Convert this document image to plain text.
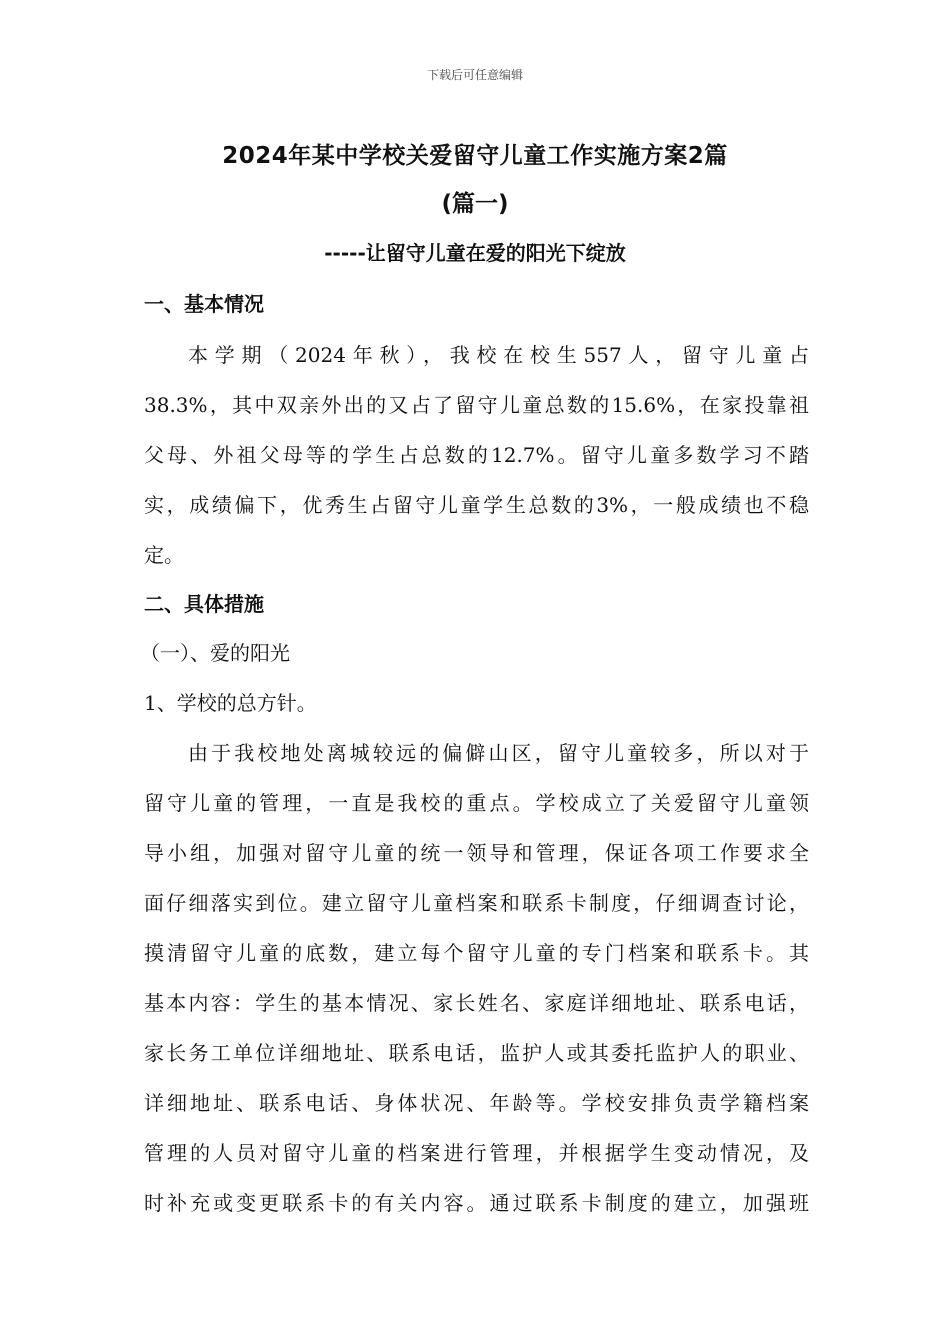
下载后可任意编辑
2024年某中学校关爱留守儿童工作实施方案2篇
(篇一)
-----让留守儿童在爱的阳光下绽放
一、基本情况
本学期（2024年秋），我校在校生557人，留守儿童占
38.3%，其中双亲外出的又占了留守儿童总数的15.6%，在家投靠祖
父母、外祖父母等的学生占总数的12.7%。留守儿童多数学习不踏
实，成绩偏下，优秀生占留守儿童学生总数的3%，一般成绩也不稳
定。
二、具体措施
（一）、爱的阳光
1、学校的总方针。
由于我校地处离城较远的偏僻山区，留守儿童较多，所以对于
留守儿童的管理，一直是我校的重点。学校成立了关爱留守儿童领
导小组，加强对留守儿童的统一领导和管理，保证各项工作要求全
面仔细落实到位。建立留守儿童档案和联系卡制度，仔细调查讨论，
摸清留守儿童的底数，建立每个留守儿童的专门档案和联系卡。其
基本内容：学生的基本情况、家长姓名、家庭详细地址、联系电话，
家长务工单位详细地址、联系电话，监护人或其委托监护人的职业、
详细地址、联系电话、身体状况、年龄等。学校安排负责学籍档案
管理的人员对留守儿童的档案进行管理，并根据学生变动情况，及
时补充或变更联系卡的有关内容。通过联系卡制度的建立，加强班
